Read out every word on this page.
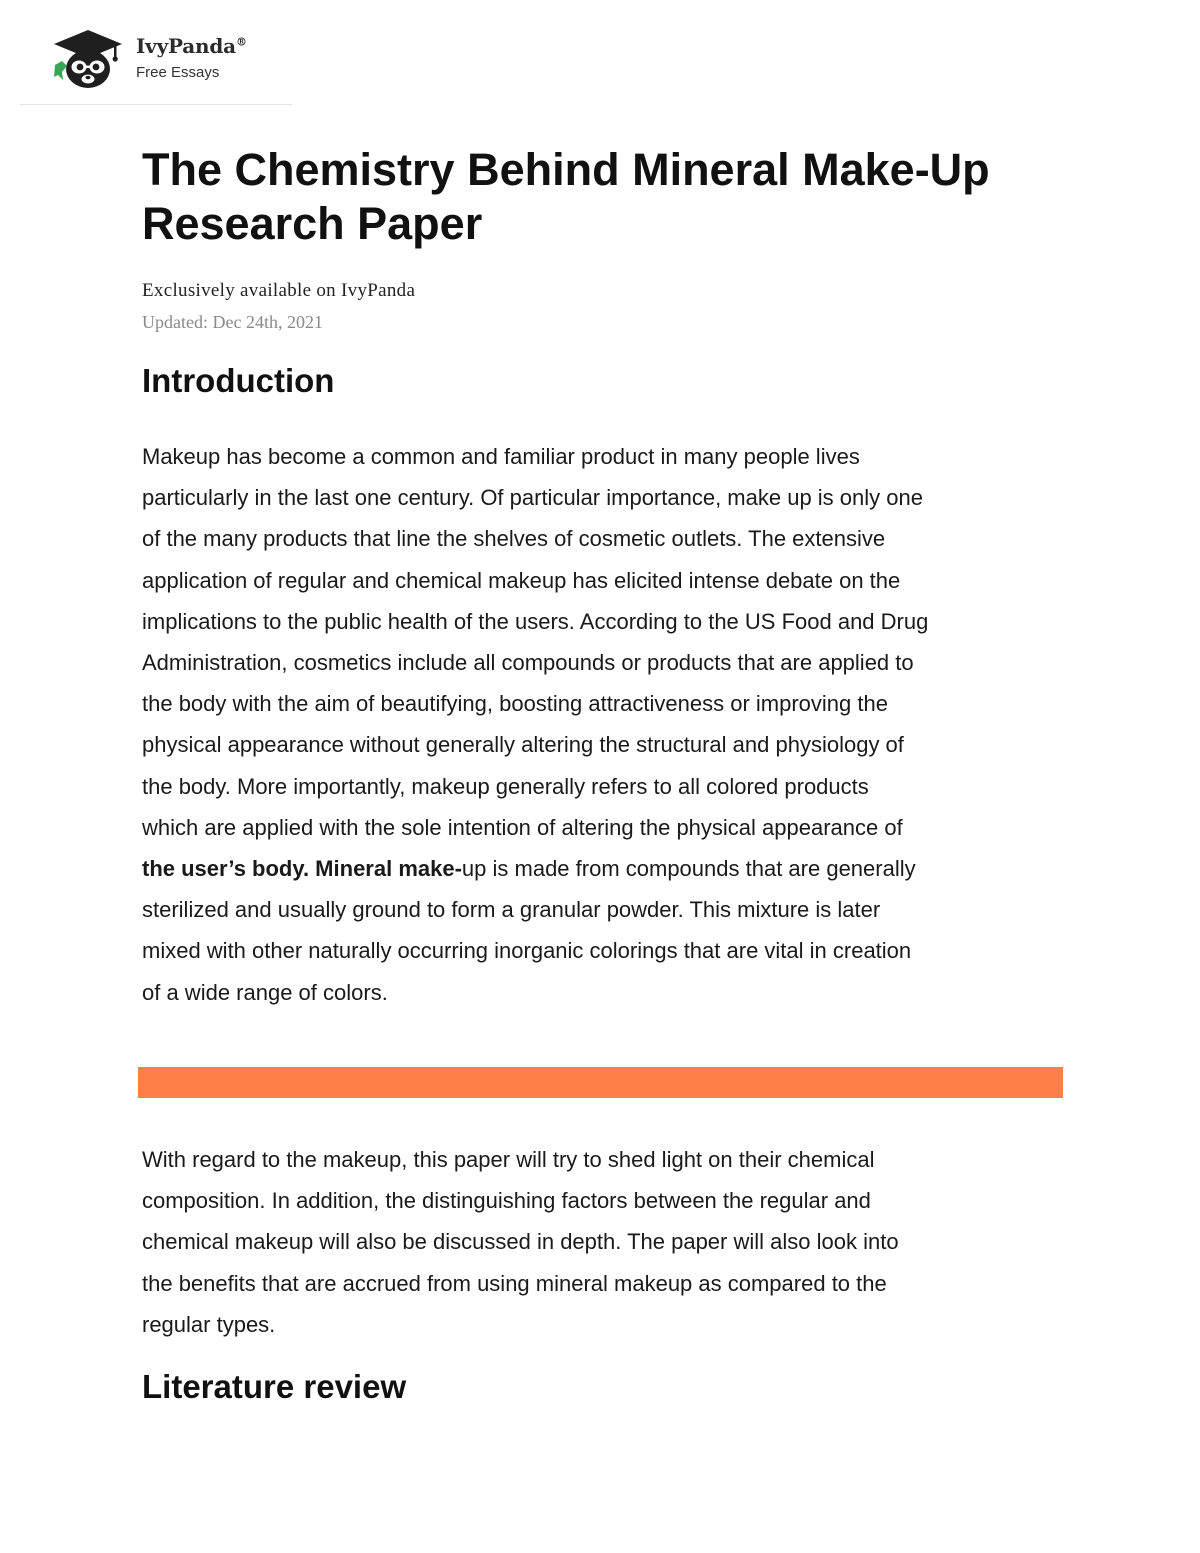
IvyPanda®
Free Essays
The Chemistry Behind Mineral Make-Up
Research Paper
Exclusively available on IvyPanda
Updated: Dec 24th, 2021
Introduction

Makeup has become a common and familiar product in many people lives
particularly in the last one century. Of particular importance, make up is only one
of the many products that line the shelves of cosmetic outlets. The extensive
application of regular and chemical makeup has elicited intense debate on the
implications to the public health of the users. According to the US Food and Drug
Administration, cosmetics include all compounds or products that are applied to
the body with the aim of beautifying, boosting attractiveness or improving the
physical appearance without generally altering the structural and physiology of
the body. More importantly, makeup generally refers to all colored products
which are applied with the sole intention of altering the physical appearance of
the user’s body. Mineral make-up is made from compounds that are generally
sterilized and usually ground to form a granular powder. This mixture is later
mixed with other naturally occurring inorganic colorings that are vital in creation
of a wide range of colors.

With regard to the makeup, this paper will try to shed light on their chemical
composition. In addition, the distinguishing factors between the regular and
chemical makeup will also be discussed in depth. The paper will also look into
the benefits that are accrued from using mineral makeup as compared to the
regular types.

Literature review
